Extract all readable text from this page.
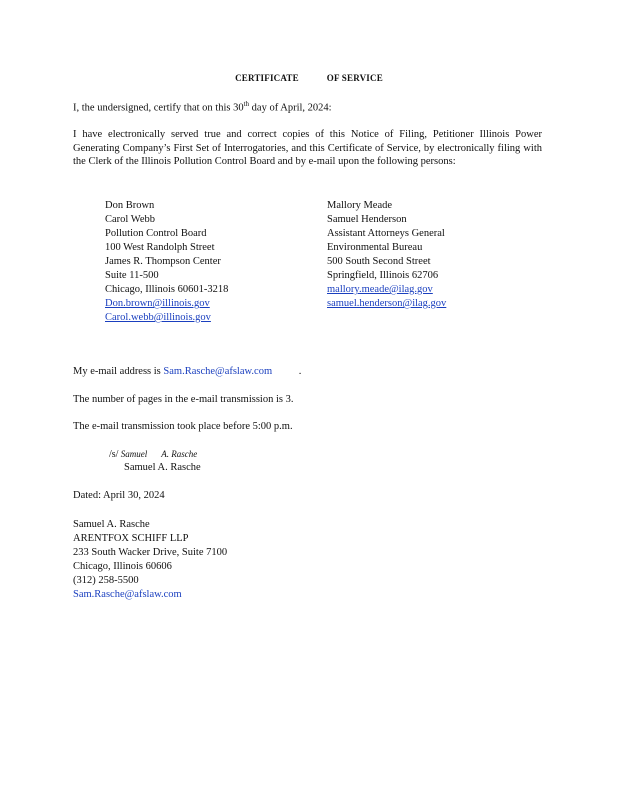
CERTIFICATE	OF SERVICE
I, the undersigned, certify that on this 30th day of April, 2024:
I have electronically served true and correct copies of this Notice of Filing, Petitioner Illinois Power Generating Company’s First Set of Interrogatories, and this Certificate of Service, by electronically filing with the Clerk of the Illinois Pollution Control Board and by e-mail upon the following persons:
Don Brown
Carol Webb
Pollution Control Board
100 West Randolph Street
James R. Thompson Center
Suite 11-500
Chicago, Illinois 60601-3218
Don.brown@illinois.gov
Carol.webb@illinois.gov
Mallory Meade
Samuel Henderson
Assistant Attorneys General
Environmental Bureau
500 South Second Street
Springfield, Illinois 62706
mallory.meade@ilag.gov
samuel.henderson@ilag.gov
My e-mail address is Sam.Rasche@afslaw.com .
The number of pages in the e-mail transmission is 3.
The e-mail transmission took place before 5:00 p.m.
/s/ Samuel A. Rasche
Samuel A. Rasche
Dated: April 30, 2024
Samuel A. Rasche
ARENTFOX SCHIFF LLP
233 South Wacker Drive, Suite 7100
Chicago, Illinois 60606
(312) 258-5500
Sam.Rasche@afslaw.com
